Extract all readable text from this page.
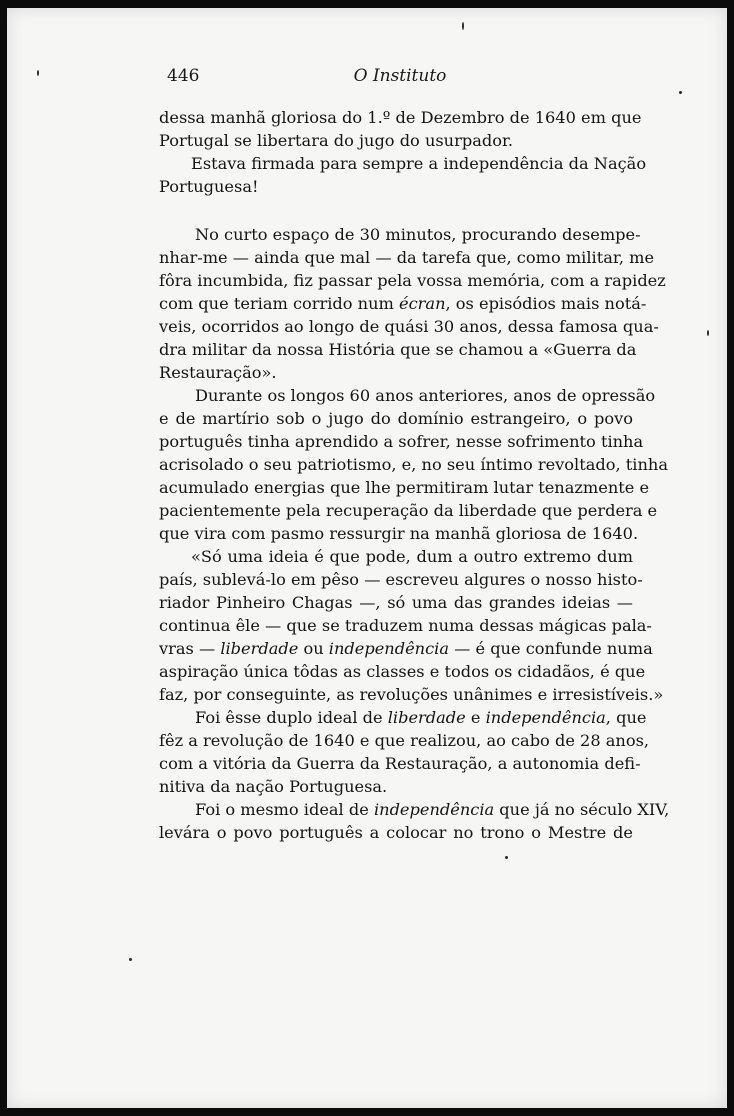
446	O Instituto

dessa manhã gloriosa do 1.º de Dezembro de 1640 em que
Portugal se libertara do jugo do usurpador.

Estava firmada para sempre a independência da Nação
Portuguesa!

No curto espaço de 30 minutos, procurando desempe-
nhar-me — ainda que mal — da tarefa que, como militar, me
fôra incumbida, fiz passar pela vossa memória, com a rapidez
com que teriam corrido num écran, os episódios mais notá-
veis, ocorridos ao longo de quási 30 anos, dessa famosa qua-
dra militar da nossa História que se chamou a «Guerra da
Restauração».

Durante os longos 60 anos anteriores, anos de opressão
e de martírio sob o jugo do domínio estrangeiro, o povo
português tinha aprendido a sofrer, nesse sofrimento tinha
acrisolado o seu patriotismo, e, no seu íntimo revoltado, tinha
acumulado energias que lhe permitiram lutar tenazmente e
pacientemente pela recuperação da liberdade que perdera e
que vira com pasmo ressurgir na manhã gloriosa de 1640.

«Só uma ideia é que pode, dum a outro extremo dum
país, sublevá-lo em pêso — escreveu algures o nosso histo-
riador Pinheiro Chagas —, só uma das grandes ideias —
continua êle — que se traduzem numa dessas mágicas pala-
vras — liberdade ou independência — é que confunde numa
aspiração única tôdas as classes e todos os cidadãos, é que
faz, por conseguinte, as revoluções unânimes e irresistíveis.»

Foi êsse duplo ideal de liberdade e independência, que
fêz a revolução de 1640 e que realizou, ao cabo de 28 anos,
com a vitória da Guerra da Restauração, a autonomia defi-
nitiva da nação Portuguesa.

Foi o mesmo ideal de independência que já no século XIV,
levára o povo português a colocar no trono o Mestre de
